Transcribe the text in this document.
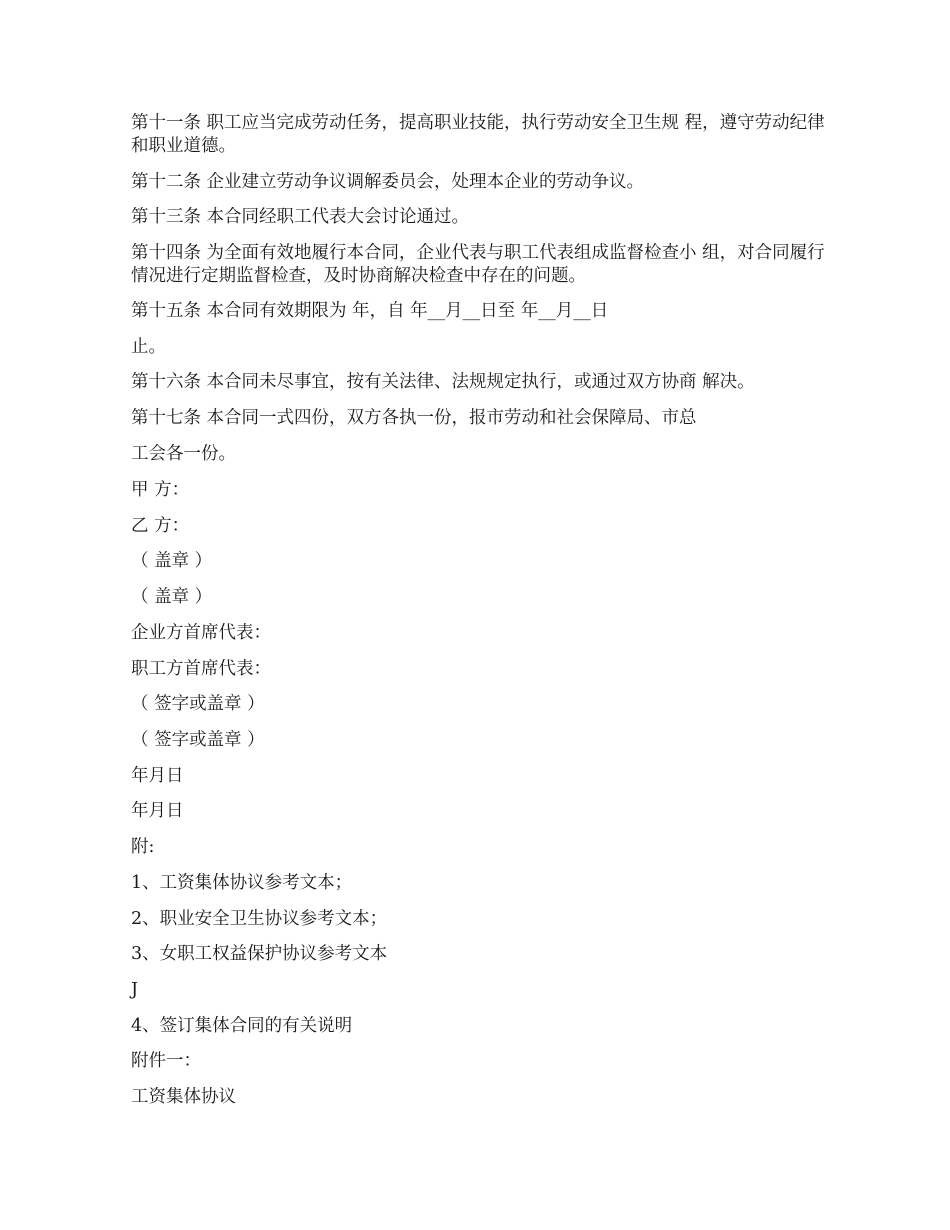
第十一条 职工应当完成劳动任务，提高职业技能，执行劳动安全卫生规 程，遵守劳动纪律和职业道德。
第十二条 企业建立劳动争议调解委员会，处理本企业的劳动争议。
第十三条 本合同经职工代表大会讨论通过。
第十四条 为全面有效地履行本合同，企业代表与职工代表组成监督检查小 组，对合同履行情况进行定期监督检查，及时协商解决检查中存在的问题。
第十五条 本合同有效期限为 年，自 年__月__日至 年__月__日
止。
第十六条 本合同未尽事宜，按有关法律、法规规定执行，或通过双方协商 解决。
第十七条 本合同一式四份，双方各执一份，报市劳动和社会保障局、市总
工会各一份。
甲 方：
乙 方：
（ 盖章 ）
（ 盖章 ）
企业方首席代表：
职工方首席代表：
（ 签字或盖章 ）
（ 签字或盖章 ）
年月日
年月日
附:
1、工资集体协议参考文本；
2、职业安全卫生协议参考文本；
3、女职工权益保护协议参考文本
J
4、签订集体合同的有关说明
附件一：
工资集体协议
